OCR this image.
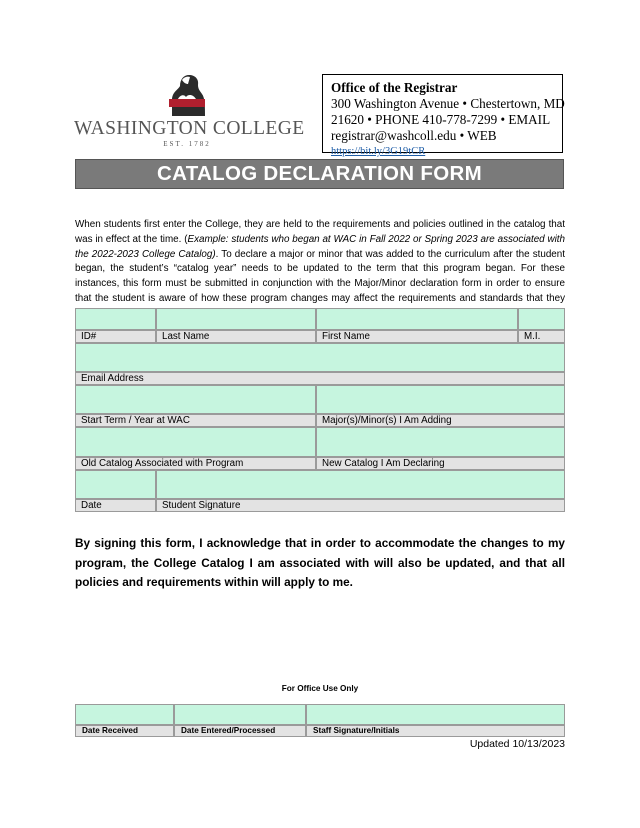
WASHINGTON COLLEGE
EST. 1782
Office of the Registrar
300 Washington Avenue • Chestertown, MD
21620 • PHONE 410-778-7299 • EMAIL
registrar@washcoll.edu • WEB
https://bit.ly/3G19tCR
CATALOG DECLARATION FORM
When students first enter the College, they are held to the requirements and policies outlined in the catalog that was in effect at the time. (Example: students who began at WAC in Fall 2022 or Spring 2023 are associated with the 2022-2023 College Catalog). To declare a major or minor that was added to the curriculum after the student began, the student’s “catalog year” needs to be updated to the term that this program began. For these instances, this form must be submitted in conjunction with the Major/Minor declaration form in order to ensure that the student is aware of how these program changes may affect the requirements and standards that they
ID#	Last Name	First Name	M.I.
Email Address
Start Term / Year at WAC	Major(s)/Minor(s) I Am Adding
Old Catalog Associated with Program	New Catalog I Am Declaring
Date	Student Signature
By signing this form, I acknowledge that in order to accommodate the changes to my program, the College Catalog I am associated with will also be updated, and that all policies and requirements within will apply to me.
For Office Use Only
Date Received	Date Entered/Processed	Staff Signature/Initials
Updated 10/13/2023
